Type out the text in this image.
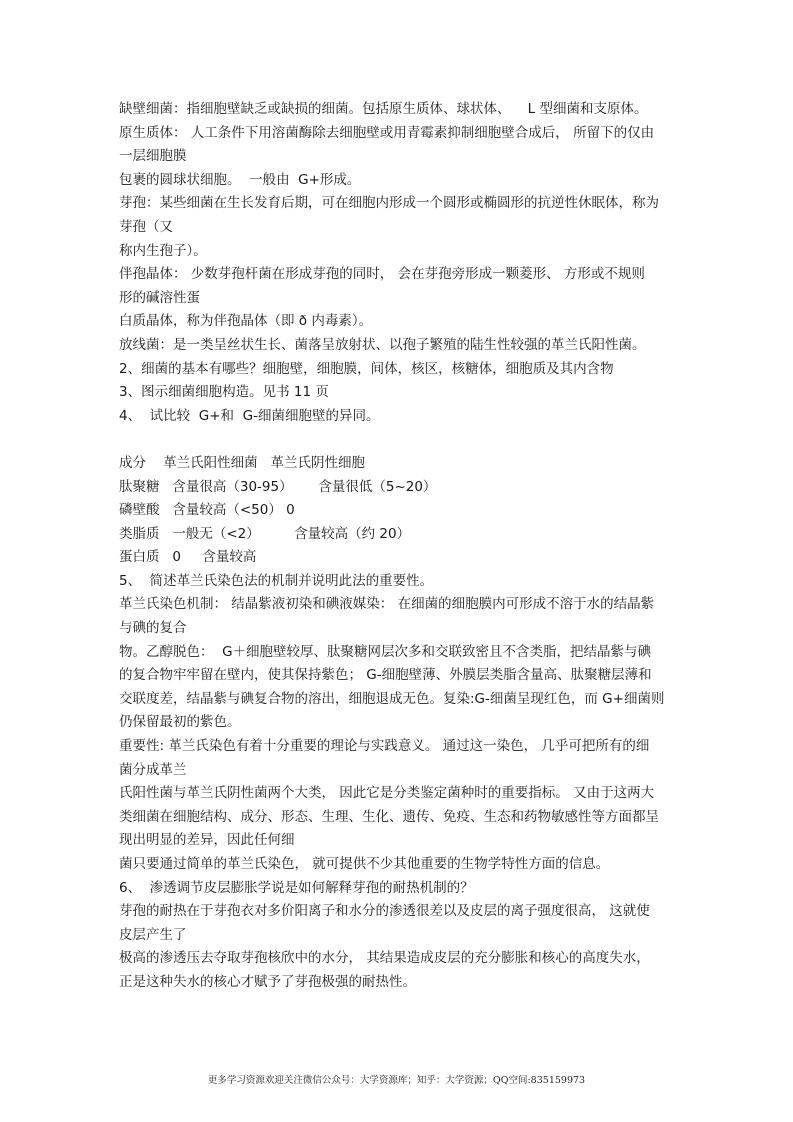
缺壁细菌：指细胞壁缺乏或缺损的细菌。包括原生质体、球状体、    L 型细菌和支原体。
原生质体： 人工条件下用溶菌酶除去细胞壁或用青霉素抑制细胞壁合成后， 所留下的仅由
一层细胞膜
包裹的圆球状细胞。  一般由  G+形成。
芽孢：某些细菌在生长发育后期，可在细胞内形成一个圆形或椭圆形的抗逆性休眠体，称为
芽孢（又
称内生孢子）。
伴孢晶体： 少数芽孢杆菌在形成芽孢的同时， 会在芽孢旁形成一颗菱形、 方形或不规则
形的碱溶性蛋
白质晶体，称为伴孢晶体（即 ð 内毒素）。
放线菌：是一类呈丝状生长、菌落呈放射状、以孢子繁殖的陆生性较强的革兰氏阳性菌。
2、细菌的基本有哪些？细胞壁，细胞膜，间体，核区，核糖体，细胞质及其内含物
3、图示细菌细胞构造。见书 11 页
4、  试比较  G+和  G-细菌细胞壁的异同。
成分    革兰氏阳性细菌   革兰氏阴性细胞
肽聚糖   含量很高（30-95）      含量很低（5~20）
磷壁酸   含量较高（<50） 0
类脂质   一般无（<2）        含量较高（约 20）
蛋白质   0     含量较高
5、  简述革兰氏染色法的机制并说明此法的重要性。
革兰氏染色机制： 结晶紫液初染和碘液媒染： 在细菌的细胞膜内可形成不溶于水的结晶紫
与碘的复合
物。乙醇脱色：  G＋细胞壁较厚、肽聚糖网层次多和交联致密且不含类脂，把结晶紫与碘
的复合物牢牢留在壁内，使其保持紫色； G-细胞壁薄、外膜层类脂含量高、肽聚糖层薄和
交联度差，结晶紫与碘复合物的溶出，细胞退成无色。复染:G-细菌呈现红色，而 G+细菌则
仍保留最初的紫色。
重要性: 革兰氏染色有着十分重要的理论与实践意义。 通过这一染色， 几乎可把所有的细
菌分成革兰
氏阳性菌与革兰氏阴性菌两个大类， 因此它是分类鉴定菌种时的重要指标。 又由于这两大
类细菌在细胞结构、成分、形态、生理、生化、遗传、免疫、生态和药物敏感性等方面都呈
现出明显的差异，因此任何细
菌只要通过简单的革兰氏染色， 就可提供不少其他重要的生物学特性方面的信息。
6、  渗透调节皮层膨胀学说是如何解释芽孢的耐热机制的？
芽孢的耐热在于芽孢衣对多价阳离子和水分的渗透很差以及皮层的离子强度很高， 这就使
皮层产生了
极高的渗透压去夺取芽孢核欣中的水分， 其结果造成皮层的充分膨胀和核心的高度失水，
正是这种失水的核心才赋予了芽孢极强的耐热性。
更多学习资源欢迎关注微信公众号：大学资源库；知乎：大学资源；QQ空间:835159973
